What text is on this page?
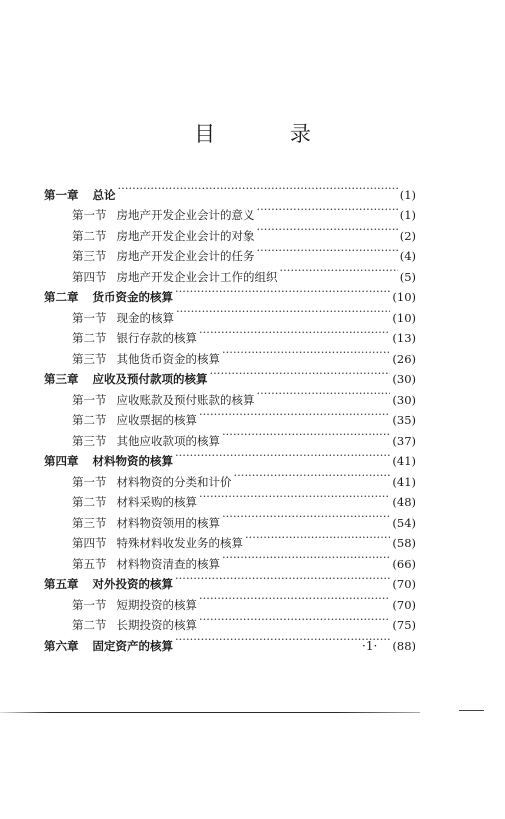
目 录
第一章 总论 ·····	(1)
第一节 房地产开发企业会计的意义 ·····	(1)
第二节 房地产开发企业会计的对象 ·····	(2)
第三节 房地产开发企业会计的任务 ·····	(4)
第四节 房地产开发企业会计工作的组织 ·····	(5)
第二章 货币资金的核算 ·····	(10)
第一节 现金的核算 ·····	(10)
第二节 银行存款的核算 ·····	(13)
第三节 其他货币资金的核算 ·····	(26)
第三章 应收及预付款项的核算 ·····	(30)
第一节 应收账款及预付账款的核算 ·····	(30)
第二节 应收票据的核算 ·····	(35)
第三节 其他应收款项的核算 ·····	(37)
第四章 材料物资的核算 ·····	(41)
第一节 材料物资的分类和计价 ·····	(41)
第二节 材料采购的核算 ·····	(48)
第三节 材料物资领用的核算 ·····	(54)
第四节 特殊材料收发业务的核算 ·····	(58)
第五节 材料物资清查的核算 ·····	(66)
第五章 对外投资的核算 ·····	(70)
第一节 短期投资的核算 ·····	(70)
第二节 长期投资的核算 ·····	(75)
第六章 固定资产的核算 ·····	(88)
·1·
